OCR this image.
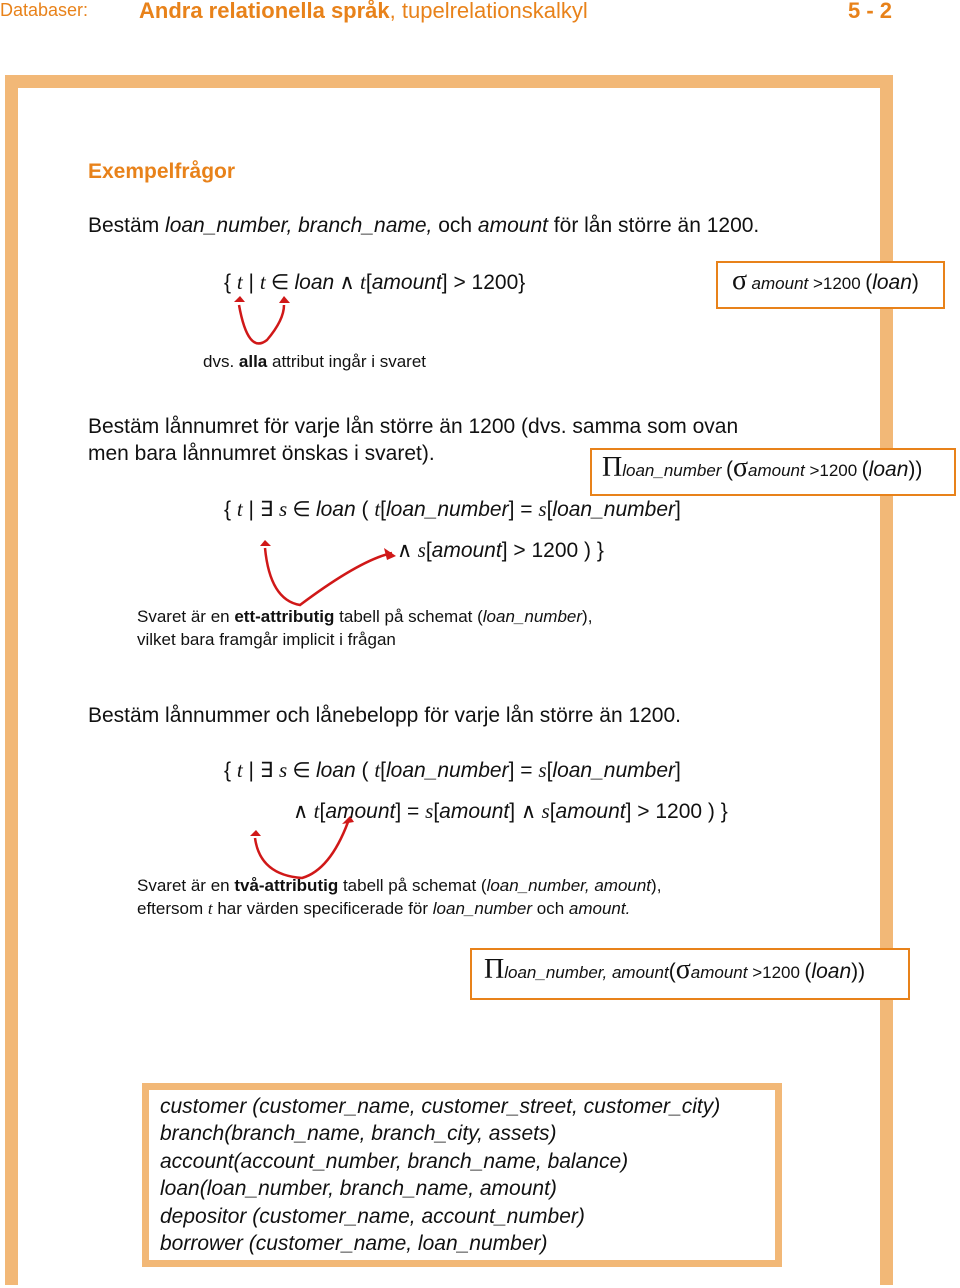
Databaser: Andra relationella språk, tupelrelationskalkyl	5 - 2
Exempelfrågor
Bestäm loan_number, branch_name, och amount för lån större än 1200.
{ t | t ∈ loan ∧ t[amount] > 1200}	σ amount >1200 (loan)
dvs. alla attribut ingår i svaret
Bestäm lånnumret för varje lån större än 1200 (dvs. samma som ovan
men bara lånnumret önskas i svaret).	Πloan_number (σamount >1200 (loan))
{ t | ∃ s ∈ loan ( t[loan_number] = s[loan_number]
∧ s[amount] > 1200 ) }
Svaret är en ett-attributig tabell på schemat (loan_number),
vilket bara framgår implicit i frågan
Bestäm lånnummer och lånebelopp för varje lån större än 1200.
{ t | ∃ s ∈ loan ( t[loan_number] = s[loan_number]
∧ t[amount] = s[amount] ∧ s[amount] > 1200 ) }
Svaret är en två-attributig tabell på schemat (loan_number, amount),
eftersom t har värden specificerade för loan_number och amount.
Πloan_number, amount(σamount >1200 (loan))
customer (customer_name, customer_street, customer_city)
branch(branch_name, branch_city, assets)
account(account_number, branch_name, balance)
loan(loan_number, branch_name, amount)
depositor (customer_name, account_number)
borrower (customer_name, loan_number)
